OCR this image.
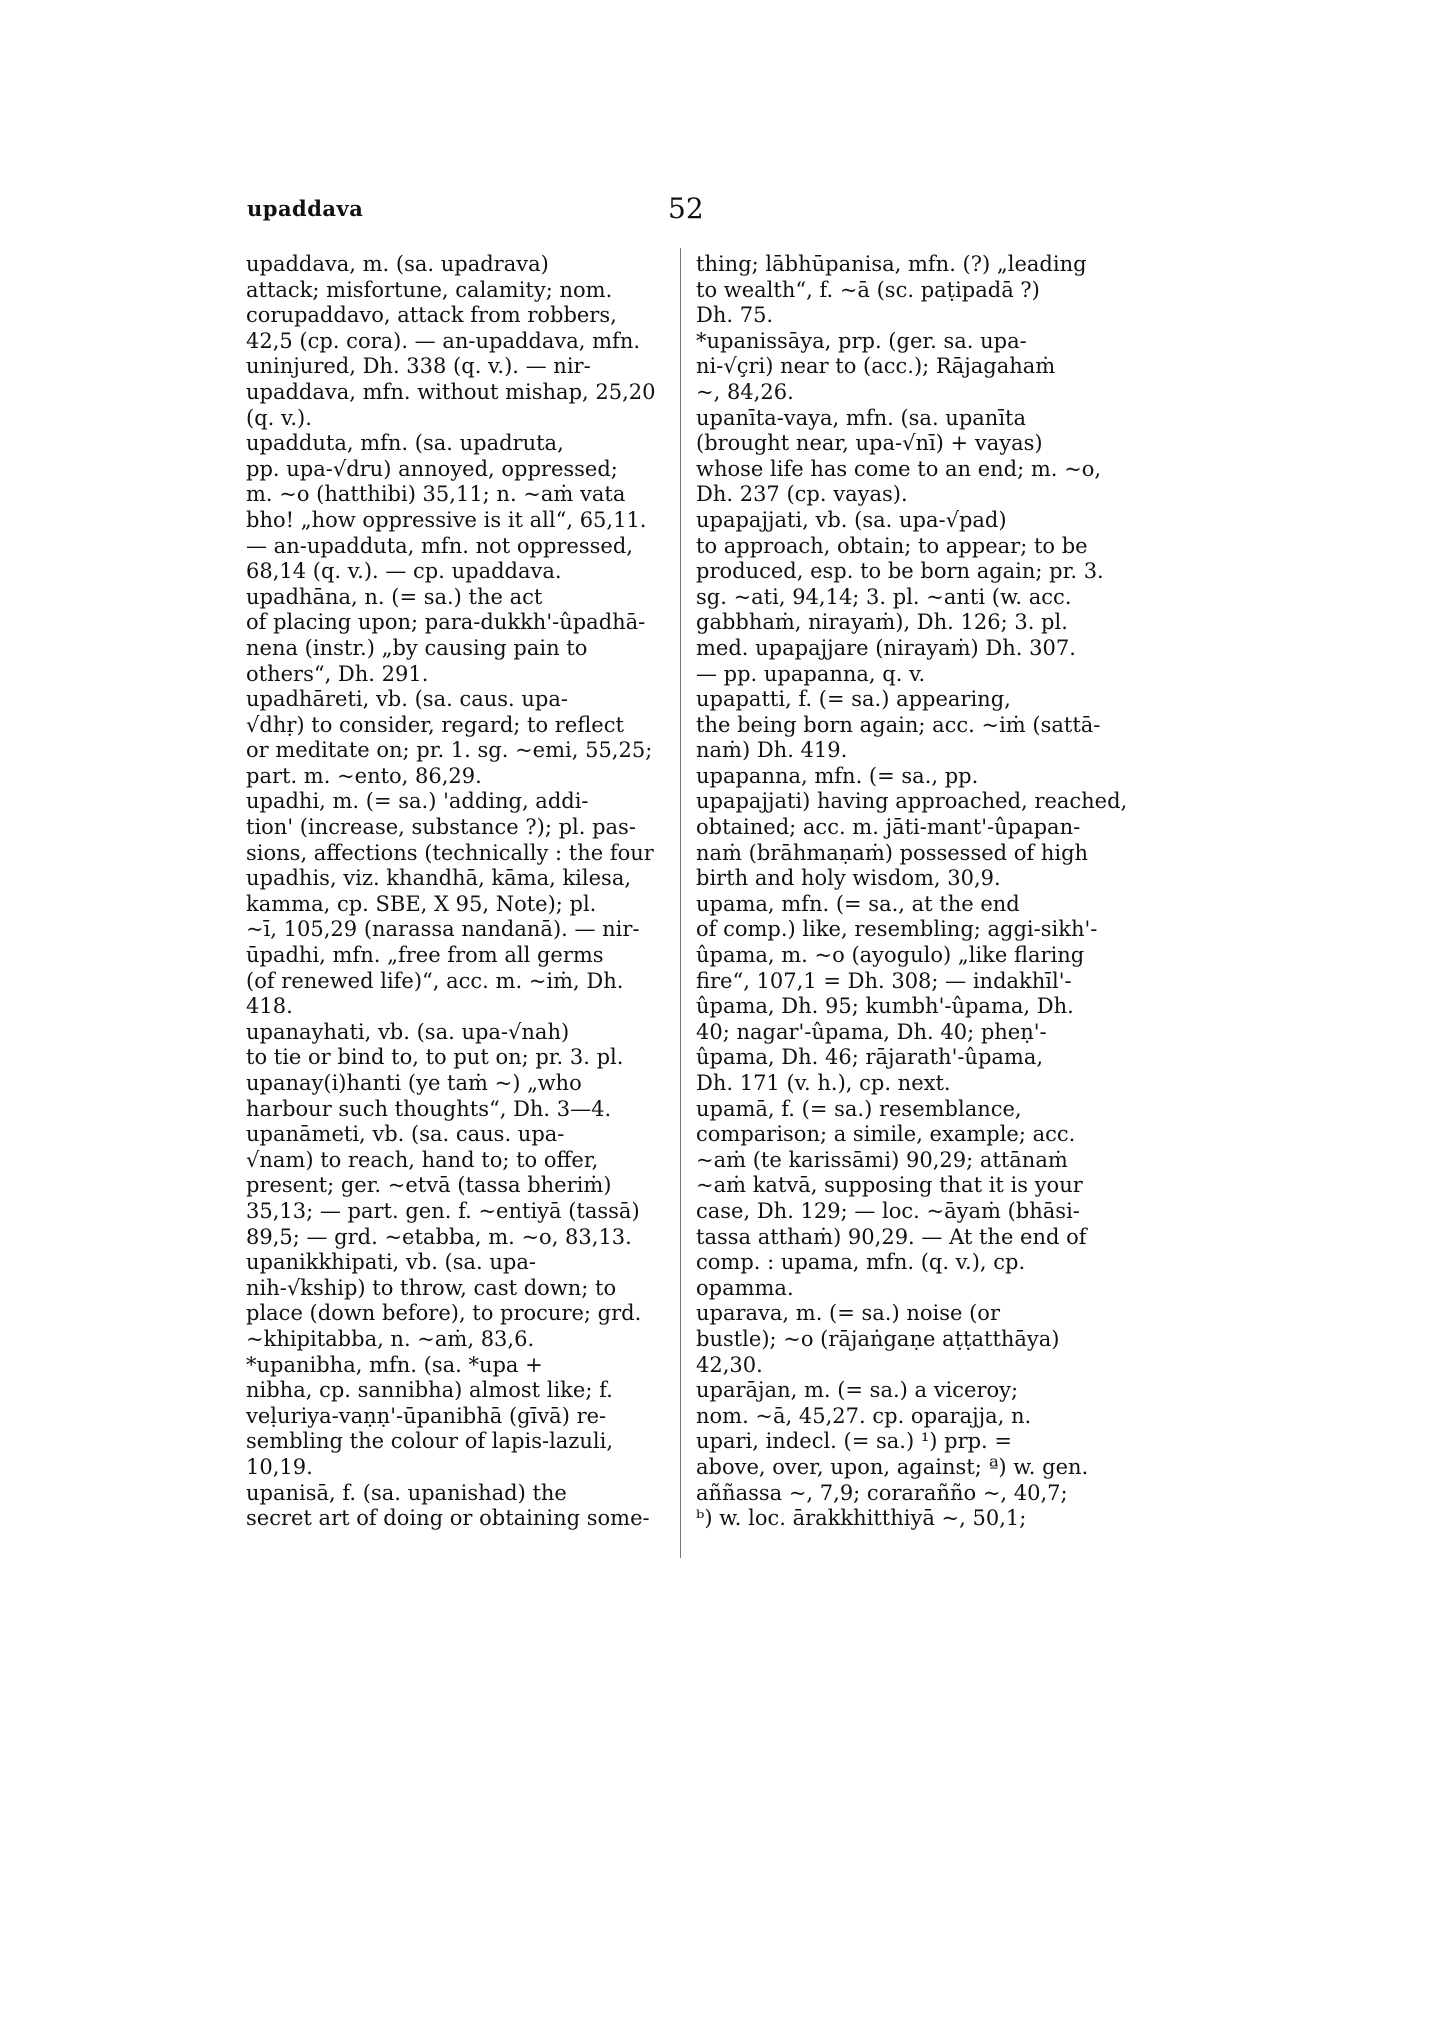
upaddava	52
upaddava, m. (sa. upadrava)
attack; misfortune, calamity; nom.
corupaddavo, attack from robbers,
42,5 (cp. cora). — an-upaddava, mfn.
uninjured, Dh. 338 (q. v.). — nir-
upaddava, mfn. without mishap, 25,20
(q. v.).
upadduta, mfn. (sa. upadruta,
pp. upa-√dru) annoyed, oppressed;
m. ~o (hatthibi) 35,11; n. ~aṁ vata
bho! „how oppressive is it all“, 65,11.
— an-upadduta, mfn. not oppressed,
68,14 (q. v.). — cp. upaddava.
upadhāna, n. (= sa.) the act
of placing upon; para-dukkh'-ûpadhā-
nena (instr.) „by causing pain to
others“, Dh. 291.
upadhāreti, vb. (sa. caus. upa-
√dhṛ) to consider, regard; to reflect
or meditate on; pr. 1. sg. ~emi, 55,25;
part. m. ~ento, 86,29.
upadhi, m. (= sa.) 'adding, addi-
tion' (increase, substance ?); pl. pas-
sions, affections (technically : the four
upadhis, viz. khandhā, kāma, kilesa,
kamma, cp. SBE, X 95, Note); pl.
~ī, 105,29 (narassa nandanā). — nir-
ūpadhi, mfn. „free from all germs
(of renewed life)“, acc. m. ~iṁ, Dh.
418.
upanayhati, vb. (sa. upa-√nah)
to tie or bind to, to put on; pr. 3. pl.
upanay(i)hanti (ye taṁ ~) „who
harbour such thoughts“, Dh. 3—4.
upanāmeti, vb. (sa. caus. upa-
√nam) to reach, hand to; to offer,
present; ger. ~etvā (tassa bheriṁ)
35,13; — part. gen. f. ~entiyā (tassā)
89,5; — grd. ~etabba, m. ~o, 83,13.
upanikkhipati, vb. (sa. upa-
nih-√kship) to throw, cast down; to
place (down before), to procure; grd.
~khipitabba, n. ~aṁ, 83,6.
*upanibha, mfn. (sa. *upa +
nibha, cp. sannibha) almost like; f.
veḷuriya-vaṇṇ'-ūpanibhā (gīvā) re-
sembling the colour of lapis-lazuli,
10,19.
upanisā, f. (sa. upanishad) the
secret art of doing or obtaining some-
thing; lābhūpanisa, mfn. (?) „leading
to wealth“, f. ~ā (sc. paṭipadā ?)
Dh. 75.
*upanissāya, prp. (ger. sa. upa-
ni-√çri) near to (acc.); Rājagahaṁ
~, 84,26.
upanīta-vaya, mfn. (sa. upanīta
(brought near, upa-√nī) + vayas)
whose life has come to an end; m. ~o,
Dh. 237 (cp. vayas).
upapajjati, vb. (sa. upa-√pad)
to approach, obtain; to appear; to be
produced, esp. to be born again; pr. 3.
sg. ~ati, 94,14; 3. pl. ~anti (w. acc.
gabbhaṁ, nirayaṁ), Dh. 126; 3. pl.
med. upapajjare (nirayaṁ) Dh. 307.
— pp. upapanna, q. v.
upapatti, f. (= sa.) appearing,
the being born again; acc. ~iṁ (sattā-
naṁ) Dh. 419.
upapanna, mfn. (= sa., pp.
upapajjati) having approached, reached,
obtained; acc. m. jāti-mant'-ûpapan-
naṁ (brāhmaṇaṁ) possessed of high
birth and holy wisdom, 30,9.
upama, mfn. (= sa., at the end
of comp.) like, resembling; aggi-sikh'-
ûpama, m. ~o (ayogulo) „like flaring
fire“, 107,1 = Dh. 308; — indakhīl'-
ûpama, Dh. 95; kumbh'-ûpama, Dh.
40; nagar'-ûpama, Dh. 40; pheṇ'-
ûpama, Dh. 46; rājarath'-ûpama,
Dh. 171 (v. h.), cp. next.
upamā, f. (= sa.) resemblance,
comparison; a simile, example; acc.
~aṁ (te karissāmi) 90,29; attānaṁ
~aṁ katvā, supposing that it is your
case, Dh. 129; — loc. ~āyaṁ (bhāsi-
tassa atthaṁ) 90,29. — At the end of
comp. : upama, mfn. (q. v.), cp.
opamma.
uparava, m. (= sa.) noise (or
bustle); ~o (rājaṅgaṇe aṭṭatthāya)
42,30.
uparājan, m. (= sa.) a viceroy;
nom. ~ā, 45,27. cp. oparajja, n.
upari, indecl. (= sa.) ¹) prp. =
above, over, upon, against; ª) w. gen.
aññassa ~, 7,9; corarañño ~, 40,7;
ᵇ) w. loc. ārakkhitthiyā ~, 50,1;
